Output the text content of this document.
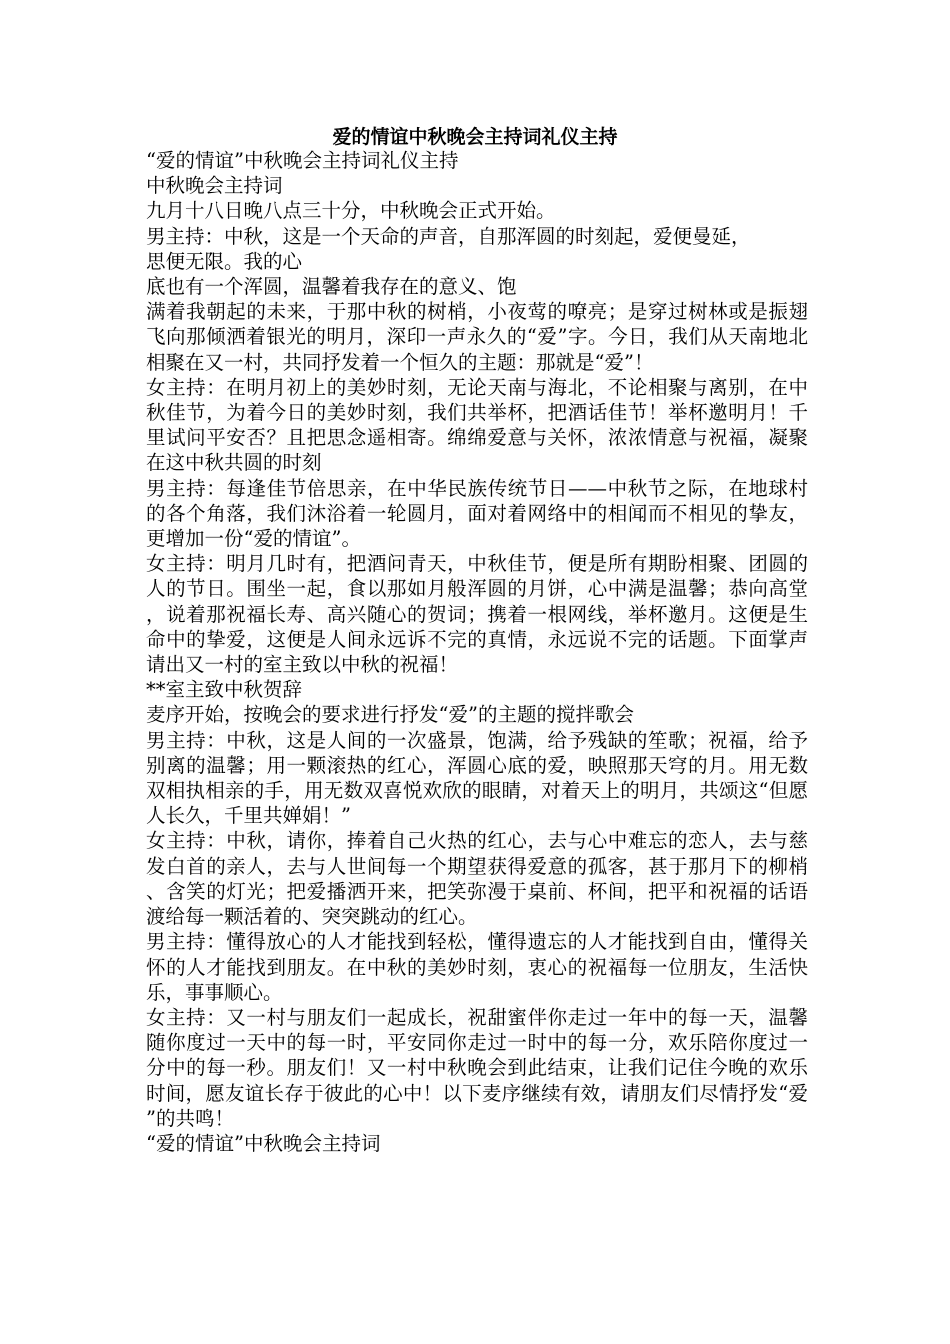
爱的情谊中秋晚会主持词礼仪主持

“爱的情谊”中秋晚会主持词礼仪主持

中秋晚会主持词

九月十八日晚八点三十分，中秋晚会正式开始。

男主持：中秋，这是一个天命的声音，自那浑圆的时刻起，爱便曼延，

思便无限。我的心

底也有一个浑圆，温馨着我存在的意义、饱

满着我朝起的未来，于那中秋的树梢，小夜莺的嘹亮；是穿过树林或是振翅飞向那倾洒着银光的明月，深印一声永久的“爱”字。今日，我们从天南地北相聚在又一村，共同抒发着一个恒久的主题：那就是“爱”！

女主持：在明月初上的美妙时刻，无论天南与海北，不论相聚与离别，在中秋佳节，为着今日的美妙时刻，我们共举杯，把酒话佳节！举杯邀明月！千里试问平安否？且把思念遥相寄。绵绵爱意与关怀，浓浓情意与祝福，凝聚在这中秋共圆的时刻

男主持：每逢佳节倍思亲，在中华民族传统节日——中秋节之际，在地球村的各个角落，我们沐浴着一轮圆月，面对着网络中的相闻而不相见的挚友，更增加一份“爱的情谊”。

女主持：明月几时有，把酒问青天，中秋佳节，便是所有期盼相聚、团圆的人的节日。围坐一起，食以那如月般浑圆的月饼，心中满是温馨；恭向高堂，说着那祝福长寿、高兴随心的贺词；携着一根网线，举杯邀月。这便是生命中的挚爱，这便是人间永远诉不完的真情，永远说不完的话题。下面掌声请出又一村的室主致以中秋的祝福！

**室主致中秋贺辞

麦序开始，按晚会的要求进行抒发“爱”的主题的搅拌歌会

男主持：中秋，这是人间的一次盛景，饱满，给予残缺的笙歌；祝福，给予别离的温馨；用一颗滚热的红心，浑圆心底的爱，映照那天穹的月。用无数双相执相亲的手，用无数双喜悦欢欣的眼睛，对着天上的明月，共颂这“但愿人长久，千里共婵娟！”

女主持：中秋，请你，捧着自己火热的红心，去与心中难忘的恋人，去与慈发白首的亲人，去与人世间每一个期望获得爱意的孤客，甚于那月下的柳梢、含笑的灯光；把爱播洒开来，把笑弥漫于桌前、杯间，把平和祝福的话语渡给每一颗活着的、突突跳动的红心。

男主持：懂得放心的人才能找到轻松，懂得遗忘的人才能找到自由，懂得关怀的人才能找到朋友。在中秋的美妙时刻，衷心的祝福每一位朋友，生活快乐，事事顺心。

女主持：又一村与朋友们一起成长，祝甜蜜伴你走过一年中的每一天，温馨随你度过一天中的每一时，平安同你走过一时中的每一分，欢乐陪你度过一分中的每一秒。朋友们！又一村中秋晚会到此结束，让我们记住今晚的欢乐时间，愿友谊长存于彼此的心中！以下麦序继续有效，请朋友们尽情抒发“爱”的共鸣！

“爱的情谊”中秋晚会主持词
